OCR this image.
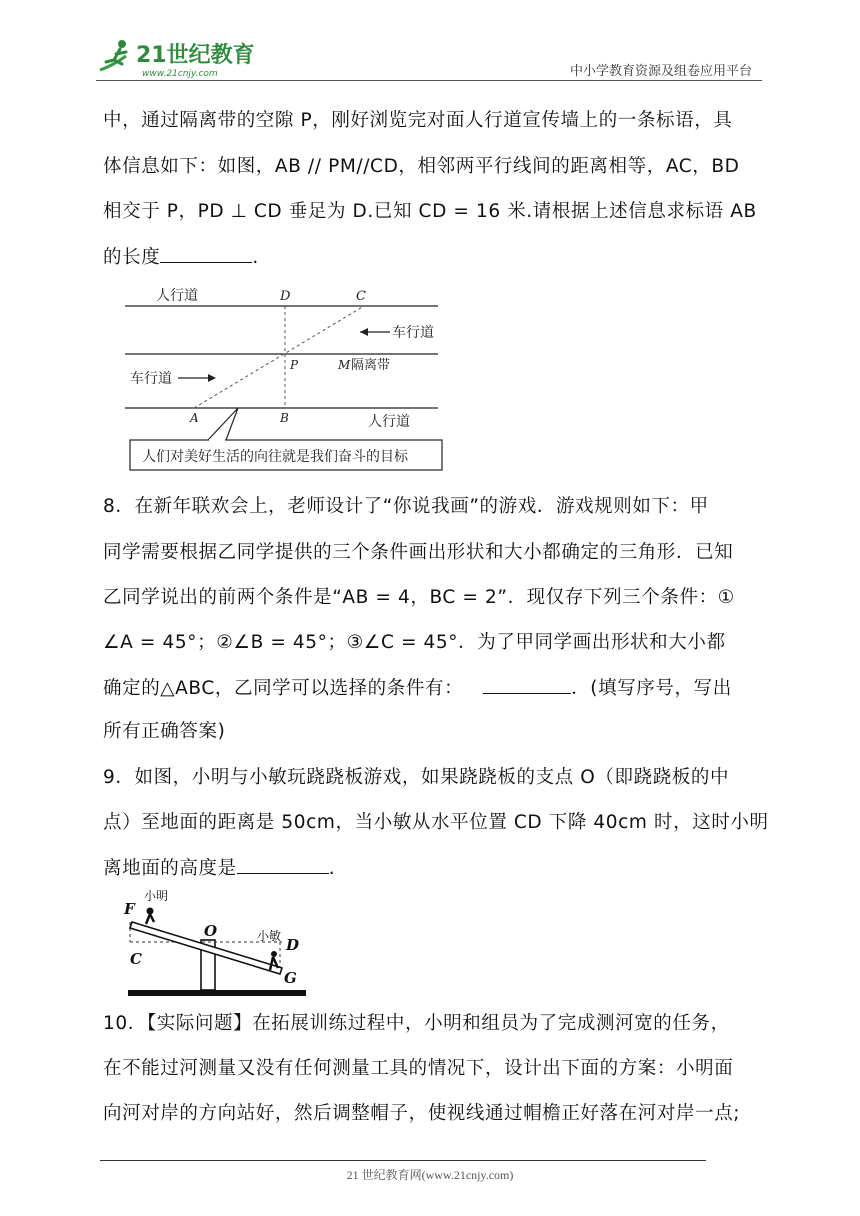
21世纪教育
www.21cnjy.com	中小学教育资源及组卷应用平台
中，通过隔离带的空隙 P，刚好浏览完对面人行道宣传墙上的一条标语，具
体信息如下：如图，AB // PM//CD，相邻两平行线间的距离相等，AC，BD
相交于 P，PD ⊥ CD 垂足为 D.已知 CD = 16 米.请根据上述信息求标语 AB
的长度	.
人行道	D	C
车行道
车行道
P	M 隔离带
A	B	人行道
人们对美好生活的向往就是我们奋斗的目标
8．在新年联欢会上，老师设计了“你说我画”的游戏．游戏规则如下：甲
同学需要根据乙同学提供的三个条件画出形状和大小都确定的三角形．已知
乙同学说出的前两个条件是“AB = 4，BC = 2”．现仅存下列三个条件：①
∠A = 45°；②∠B = 45°；③∠C = 45°．为了甲同学画出形状和大小都
确定的△ABC，乙同学可以选择的条件有：	．(填写序号，写出
所有正确答案)
9．如图，小明与小敏玩跷跷板游戏，如果跷跷板的支点 O（即跷跷板的中
点）至地面的距离是 50cm，当小敏从水平位置 CD 下降 40cm 时，这时小明
离地面的高度是	.
小明
F
O	小敏 D
C
G
10．【实际问题】在拓展训练过程中，小明和组员为了完成测河宽的任务，
在不能过河测量又没有任何测量工具的情况下，设计出下面的方案：小明面
向河对岸的方向站好，然后调整帽子，使视线通过帽檐正好落在河对岸一点;
21 世纪教育网(www.21cnjy.com)
